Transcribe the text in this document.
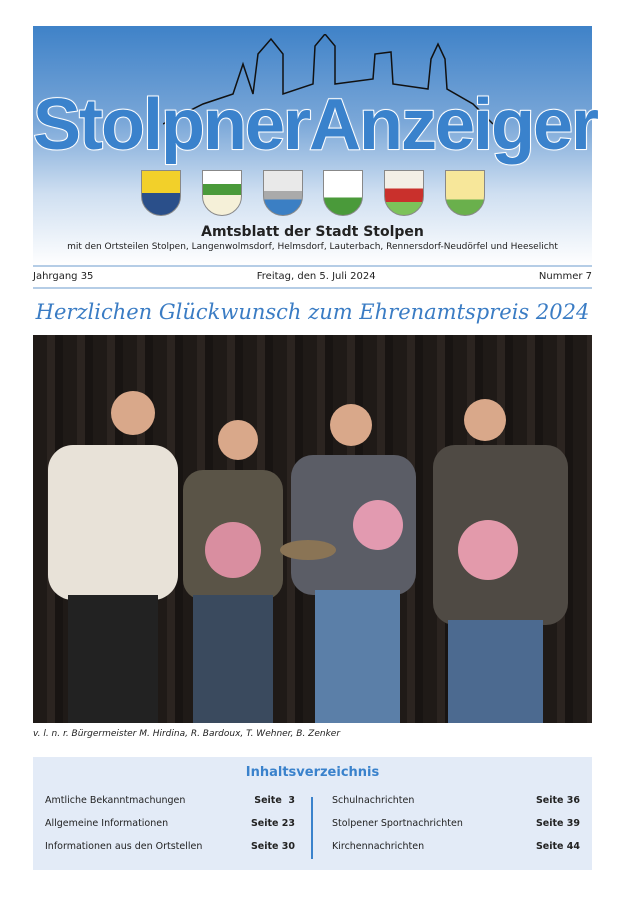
StolpnerAnzeiger
Amtsblatt der Stadt Stolpen
mit den Ortsteilen Stolpen, Langenwolmsdorf, Helmsdorf, Lauterbach, Rennersdorf-Neudörfel und Heeselicht
Jahrgang 35	Freitag, den 5. Juli 2024	Nummer 7
Herzlichen Glückwunsch zum Ehrenamtspreis 2024
v. l. n. r. Bürgermeister M. Hirdina, R. Bardoux, T. Wehner, B. Zenker
Inhaltsverzeichnis
Amtliche Bekanntmachungen	Seite  3
Allgemeine Informationen	Seite 23
Informationen aus den Ortstellen	Seite 30
Schulnachrichten	Seite 36
Stolpener Sportnachrichten	Seite 39
Kirchennachrichten	Seite 44
